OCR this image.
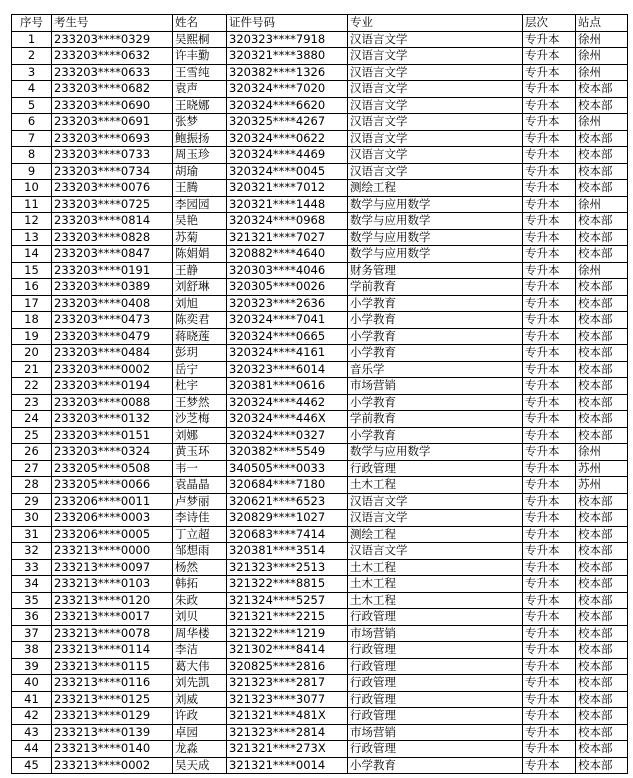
序号	考生号	姓名	证件号码	专业	层次	站点
1	233203****0329	吴熙桐	320323****7918	汉语言文学	专升本	徐州
2	233203****0632	许丰勤	320321****3880	汉语言文学	专升本	徐州
3	233203****0633	王雪纯	320382****1326	汉语言文学	专升本	徐州
4	233203****0682	袁声	320324****7020	汉语言文学	专升本	校本部
5	233203****0690	王晓娜	320324****6620	汉语言文学	专升本	校本部
6	233203****0691	张梦	320325****4267	汉语言文学	专升本	徐州
7	233203****0693	鲍振扬	320324****0622	汉语言文学	专升本	校本部
8	233203****0733	周玉珍	320324****4469	汉语言文学	专升本	校本部
9	233203****0734	胡瑜	320324****0045	汉语言文学	专升本	校本部
10	233203****0076	王腾	320321****7012	测绘工程	专升本	校本部
11	233203****0725	李园园	320321****1448	数学与应用数学	专升本	徐州
12	233203****0814	吴艳	320324****0968	数学与应用数学	专升本	校本部
13	233203****0828	苏菊	321321****7027	数学与应用数学	专升本	校本部
14	233203****0847	陈娟娟	320882****4640	数学与应用数学	专升本	校本部
15	233203****0191	王静	320303****4046	财务管理	专升本	徐州
16	233203****0389	刘舒琳	320305****0026	学前教育	专升本	校本部
17	233203****0408	刘旭	320323****2636	小学教育	专升本	校本部
18	233203****0473	陈奕君	320324****7041	小学教育	专升本	校本部
19	233203****0479	蒋晓莲	320324****0665	小学教育	专升本	校本部
20	233203****0484	彭玥	320324****4161	小学教育	专升本	校本部
21	233203****0002	岳宁	320323****6014	音乐学	专升本	校本部
22	233203****0194	杜宇	320381****0616	市场营销	专升本	校本部
23	233203****0088	王梦然	320324****4462	小学教育	专升本	校本部
24	233203****0132	沙芝梅	320324****446X	学前教育	专升本	校本部
25	233203****0151	刘娜	320324****0327	小学教育	专升本	校本部
26	233203****0324	黄玉环	320382****5549	数学与应用数学	专升本	徐州
27	233205****0508	韦一	340505****0033	行政管理	专升本	苏州
28	233205****0066	袁晶晶	320684****7180	土木工程	专升本	苏州
29	233206****0011	卢梦丽	320621****6523	汉语言文学	专升本	校本部
30	233206****0003	李诗佳	320829****1027	汉语言文学	专升本	校本部
31	233206****0005	丁立超	320683****7414	测绘工程	专升本	校本部
32	233213****0000	邹想雨	320381****3514	汉语言文学	专升本	校本部
33	233213****0097	杨然	321323****2513	土木工程	专升本	校本部
34	233213****0103	韩拓	321322****8815	土木工程	专升本	校本部
35	233213****0120	朱政	321324****5257	土木工程	专升本	校本部
36	233213****0017	刘贝	321321****2215	行政管理	专升本	校本部
37	233213****0078	周华楼	321322****1219	市场营销	专升本	校本部
38	233213****0114	李洁	321302****8414	行政管理	专升本	校本部
39	233213****0115	葛大伟	320825****2816	行政管理	专升本	校本部
40	233213****0116	刘先凯	321323****2817	行政管理	专升本	校本部
41	233213****0125	刘威	321323****3077	行政管理	专升本	校本部
42	233213****0129	许政	321321****481X	行政管理	专升本	校本部
43	233213****0139	卓园	321323****2814	市场营销	专升本	校本部
44	233213****0140	龙淼	321321****273X	行政管理	专升本	校本部
45	233213****0002	吴天成	321321****0014	小学教育	专升本	校本部
